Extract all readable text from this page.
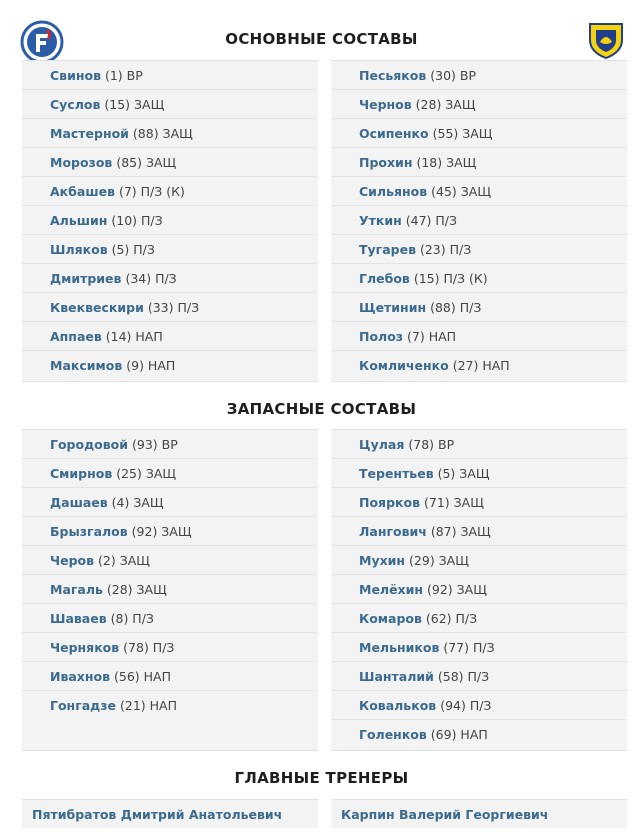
ОСНОВНЫЕ СОСТАВЫ
ЗАПАСНЫЕ СОСТАВЫ
ГЛАВНЫЕ ТРЕНЕРЫ
Свинов (1) ВР
Суслов (15) ЗАЩ
Мастерной (88) ЗАЩ
Морозов (85) ЗАЩ
Акбашев (7) П/З (К)
Альшин (10) П/З
Шляков (5) П/З
Дмитриев (34) П/З
Квеквескири (33) П/З
Аппаев (14) НАП
Максимов (9) НАП
Песьяков (30) ВР
Чернов (28) ЗАЩ
Осипенко (55) ЗАЩ
Прохин (18) ЗАЩ
Сильянов (45) ЗАЩ
Уткин (47) П/З
Тугарев (23) П/З
Глебов (15) П/З (К)
Щетинин (88) П/З
Полоз (7) НАП
Комличенко (27) НАП
Городовой (93) ВР
Смирнов (25) ЗАЩ
Дашаев (4) ЗАЩ
Брызгалов (92) ЗАЩ
Черов (2) ЗАЩ
Магаль (28) ЗАЩ
Шаваев (8) П/З
Черняков (78) П/З
Ивахнов (56) НАП
Гонгадзе (21) НАП
Цулая (78) ВР
Терентьев (5) ЗАЩ
Поярков (71) ЗАЩ
Лангович (87) ЗАЩ
Мухин (29) ЗАЩ
Мелёхин (92) ЗАЩ
Комаров (62) П/З
Мельников (77) П/З
Шанталий (58) П/З
Ковальков (94) П/З
Голенков (69) НАП
Пятибратов Дмитрий Анатольевич	Карпин Валерий Георгиевич
